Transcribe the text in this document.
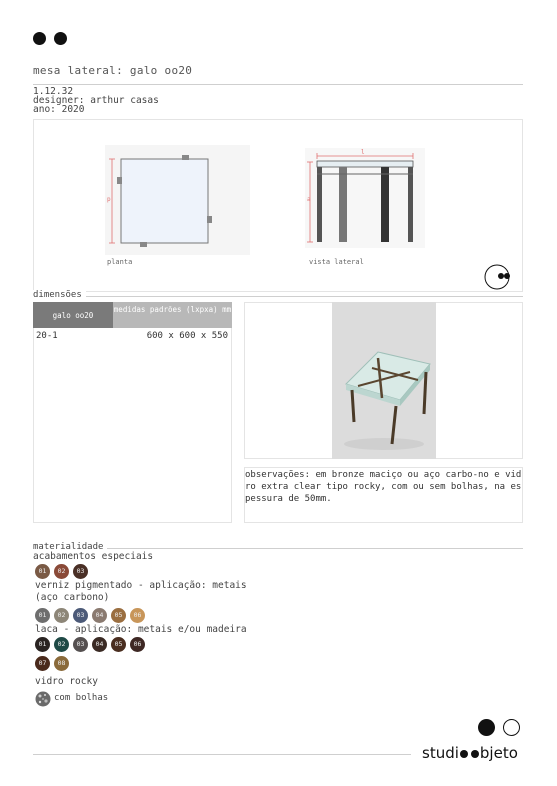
mesa lateral: galo oo20
1.12.32
designer: arthur casas
ano: 2020
p
planta
l
a
vista lateral
dimensões
galo oo20
medidas padrões (lxpxa) mm
20-1	600 x 600 x 550
observações: em bronze maciço ou aço carbo-no e vidro extra clear tipo rocky, com ou sem bolhas, na espessura de 50mm.
materialidade
acabamentos especiais
01	02	03
verniz pigmentado - aplicação: metais
(aço carbono)
01	02	03	04	05	06
laca - aplicação: metais e/ou madeira
01	02	03	04	05	06
07	08
vidro rocky
com bolhas
studi bjeto
